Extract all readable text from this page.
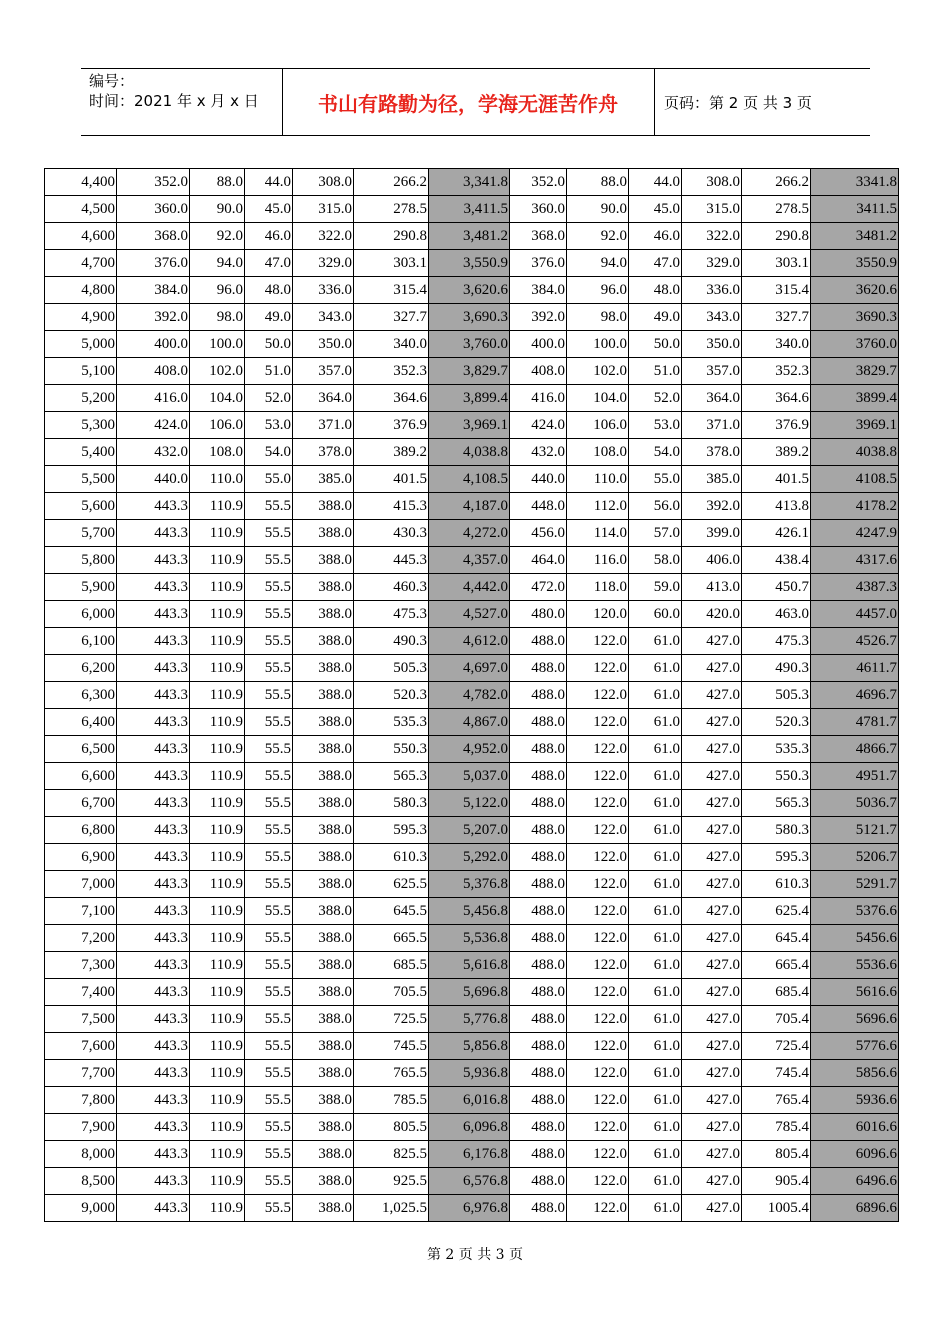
编号：
时间：2021 年 x 月 x 日	书山有路勤为径，学海无涯苦作舟	页码：第 2 页 共 3 页
4,400	352.0	88.0	44.0	308.0	266.2	3,341.8	352.0	88.0	44.0	308.0	266.2	3341.8
4,500	360.0	90.0	45.0	315.0	278.5	3,411.5	360.0	90.0	45.0	315.0	278.5	3411.5
4,600	368.0	92.0	46.0	322.0	290.8	3,481.2	368.0	92.0	46.0	322.0	290.8	3481.2
4,700	376.0	94.0	47.0	329.0	303.1	3,550.9	376.0	94.0	47.0	329.0	303.1	3550.9
4,800	384.0	96.0	48.0	336.0	315.4	3,620.6	384.0	96.0	48.0	336.0	315.4	3620.6
4,900	392.0	98.0	49.0	343.0	327.7	3,690.3	392.0	98.0	49.0	343.0	327.7	3690.3
5,000	400.0	100.0	50.0	350.0	340.0	3,760.0	400.0	100.0	50.0	350.0	340.0	3760.0
5,100	408.0	102.0	51.0	357.0	352.3	3,829.7	408.0	102.0	51.0	357.0	352.3	3829.7
5,200	416.0	104.0	52.0	364.0	364.6	3,899.4	416.0	104.0	52.0	364.0	364.6	3899.4
5,300	424.0	106.0	53.0	371.0	376.9	3,969.1	424.0	106.0	53.0	371.0	376.9	3969.1
5,400	432.0	108.0	54.0	378.0	389.2	4,038.8	432.0	108.0	54.0	378.0	389.2	4038.8
5,500	440.0	110.0	55.0	385.0	401.5	4,108.5	440.0	110.0	55.0	385.0	401.5	4108.5
5,600	443.3	110.9	55.5	388.0	415.3	4,187.0	448.0	112.0	56.0	392.0	413.8	4178.2
5,700	443.3	110.9	55.5	388.0	430.3	4,272.0	456.0	114.0	57.0	399.0	426.1	4247.9
5,800	443.3	110.9	55.5	388.0	445.3	4,357.0	464.0	116.0	58.0	406.0	438.4	4317.6
5,900	443.3	110.9	55.5	388.0	460.3	4,442.0	472.0	118.0	59.0	413.0	450.7	4387.3
6,000	443.3	110.9	55.5	388.0	475.3	4,527.0	480.0	120.0	60.0	420.0	463.0	4457.0
6,100	443.3	110.9	55.5	388.0	490.3	4,612.0	488.0	122.0	61.0	427.0	475.3	4526.7
6,200	443.3	110.9	55.5	388.0	505.3	4,697.0	488.0	122.0	61.0	427.0	490.3	4611.7
6,300	443.3	110.9	55.5	388.0	520.3	4,782.0	488.0	122.0	61.0	427.0	505.3	4696.7
6,400	443.3	110.9	55.5	388.0	535.3	4,867.0	488.0	122.0	61.0	427.0	520.3	4781.7
6,500	443.3	110.9	55.5	388.0	550.3	4,952.0	488.0	122.0	61.0	427.0	535.3	4866.7
6,600	443.3	110.9	55.5	388.0	565.3	5,037.0	488.0	122.0	61.0	427.0	550.3	4951.7
6,700	443.3	110.9	55.5	388.0	580.3	5,122.0	488.0	122.0	61.0	427.0	565.3	5036.7
6,800	443.3	110.9	55.5	388.0	595.3	5,207.0	488.0	122.0	61.0	427.0	580.3	5121.7
6,900	443.3	110.9	55.5	388.0	610.3	5,292.0	488.0	122.0	61.0	427.0	595.3	5206.7
7,000	443.3	110.9	55.5	388.0	625.5	5,376.8	488.0	122.0	61.0	427.0	610.3	5291.7
7,100	443.3	110.9	55.5	388.0	645.5	5,456.8	488.0	122.0	61.0	427.0	625.4	5376.6
7,200	443.3	110.9	55.5	388.0	665.5	5,536.8	488.0	122.0	61.0	427.0	645.4	5456.6
7,300	443.3	110.9	55.5	388.0	685.5	5,616.8	488.0	122.0	61.0	427.0	665.4	5536.6
7,400	443.3	110.9	55.5	388.0	705.5	5,696.8	488.0	122.0	61.0	427.0	685.4	5616.6
7,500	443.3	110.9	55.5	388.0	725.5	5,776.8	488.0	122.0	61.0	427.0	705.4	5696.6
7,600	443.3	110.9	55.5	388.0	745.5	5,856.8	488.0	122.0	61.0	427.0	725.4	5776.6
7,700	443.3	110.9	55.5	388.0	765.5	5,936.8	488.0	122.0	61.0	427.0	745.4	5856.6
7,800	443.3	110.9	55.5	388.0	785.5	6,016.8	488.0	122.0	61.0	427.0	765.4	5936.6
7,900	443.3	110.9	55.5	388.0	805.5	6,096.8	488.0	122.0	61.0	427.0	785.4	6016.6
8,000	443.3	110.9	55.5	388.0	825.5	6,176.8	488.0	122.0	61.0	427.0	805.4	6096.6
8,500	443.3	110.9	55.5	388.0	925.5	6,576.8	488.0	122.0	61.0	427.0	905.4	6496.6
9,000	443.3	110.9	55.5	388.0	1,025.5	6,976.8	488.0	122.0	61.0	427.0	1005.4	6896.6
第 2 页 共 3 页
